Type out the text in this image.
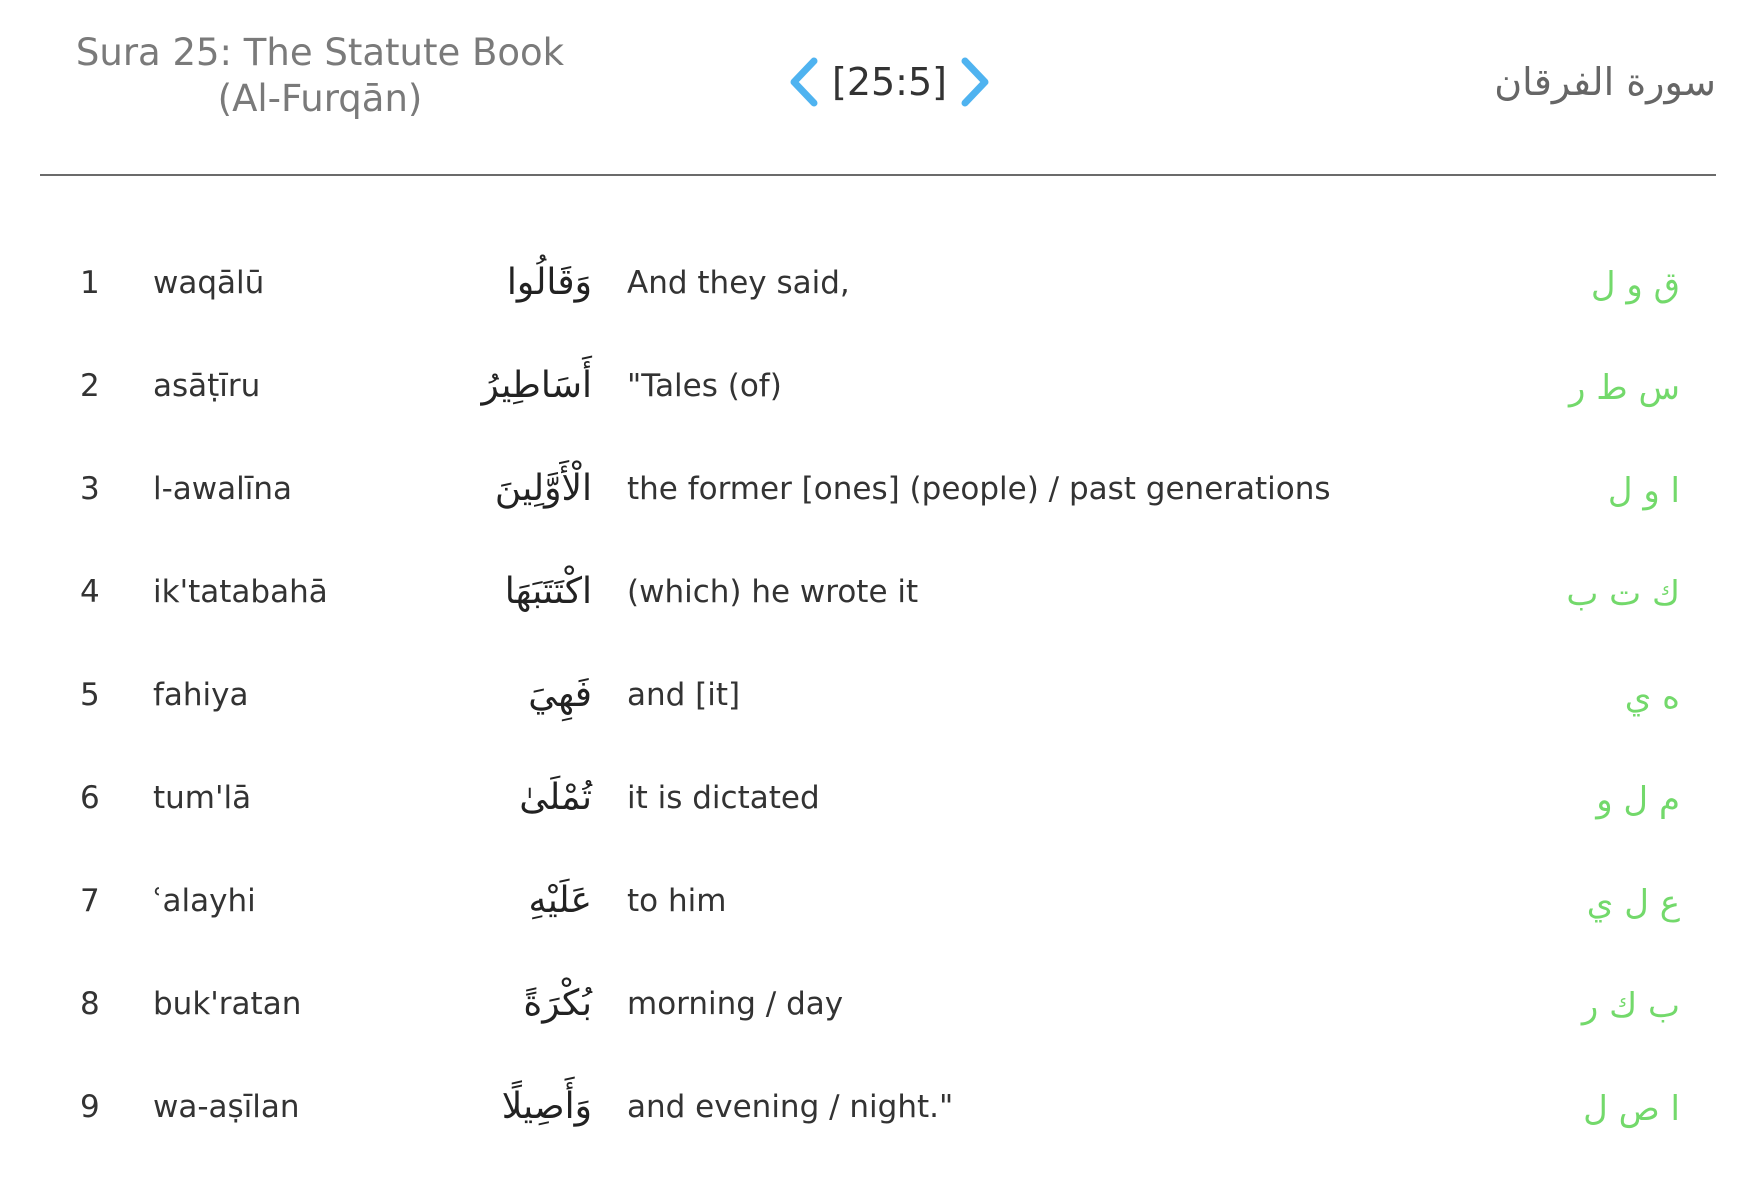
Sura 25: The Statute Book (Al-Furqān)	[25:5]	سورة الفرقان
1	waqālū	وَقَالُوا And they said,	ق و ل
2	asāṭīru	أَسَاطِيرُ "Tales (of)	س ط ر
3	l-awalīna	الْأَوَّلِينَ the former [ones] (people) / past generations	ا و ل
4	ik'tatabahā	اكْتَتَبَهَا (which) he wrote it	ك ت ب
5	fahiya	فَهِيَ and [it]	ه ي
6	tum'lā	تُمْلَىٰ it is dictated	م ل و
7	ʿalayhi	عَلَيْهِ to him	ع ل ي
8	buk'ratan	بُكْرَةً morning / day	ب ك ر
9	wa-aṣīlan	وَأَصِيلًا and evening / night."	ا ص ل
